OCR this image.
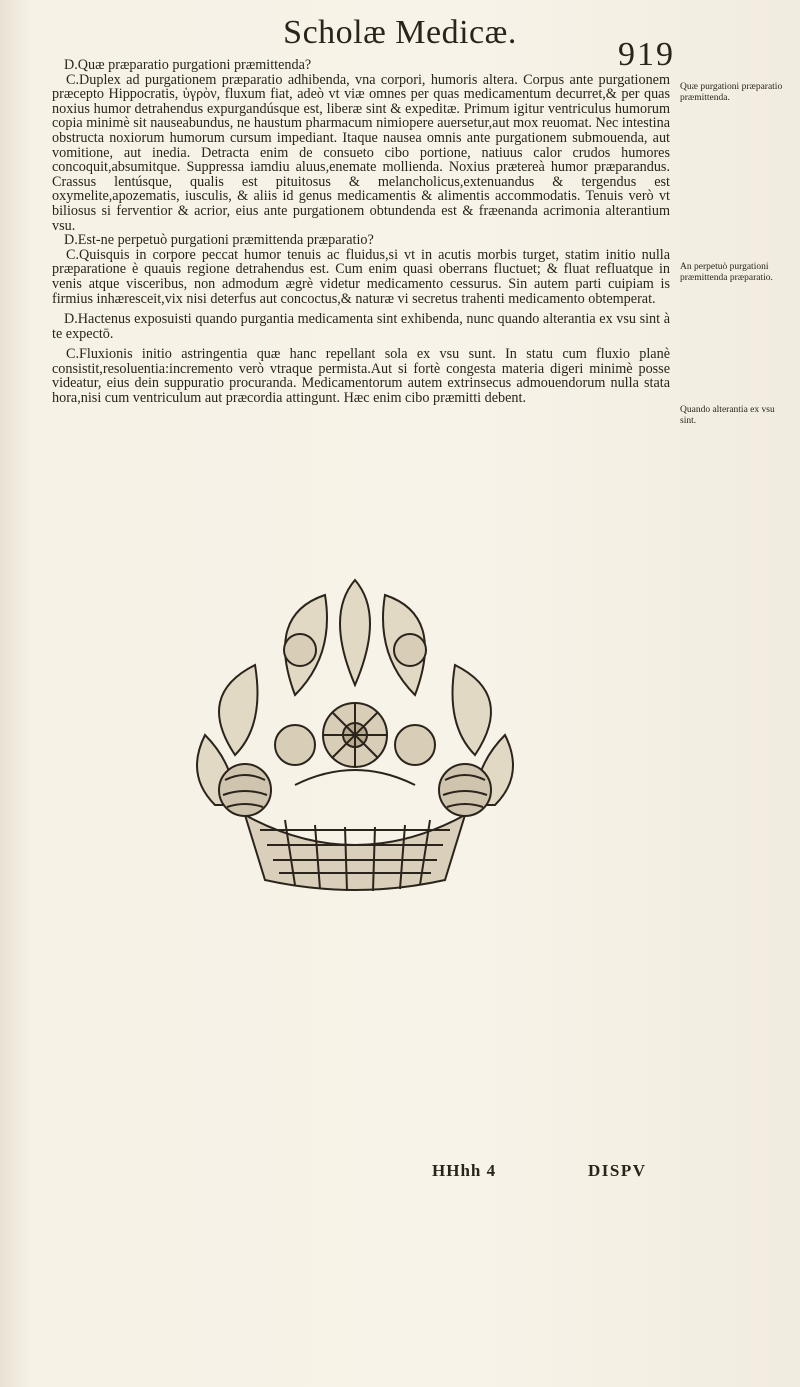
Scholæ Medicæ.
919

D.Quæ præparatio purgationi præmittenda?

C.Duplex ad purgationem præparatio adhibenda, vna corpori, humoris altera. Corpus ante purgationem præcepto Hippocratis, ὑγρὸν, fluxum fiat, adeò vt viæ omnes per quas medicamentum decurret,& per quas noxius humor detrahendus expurgandúsque est, liberæ sint & expeditæ. Primum igitur ventriculus humorum copia minimè sit nauseabundus, ne haustum pharmacum nimiopere auersetur,aut mox reuomat. Nec intestina obstructa noxiorum humorum cursum impediant. Itaque nausea omnis ante purgationem submouenda, aut vomitione, aut inedia. Detracta enim de consueto cibo portione, natiuus calor crudos humores concoquit,absumitque. Suppressa iamdiu aluus,enemate mollienda. Noxius prætereà humor præparandus. Crassus lentúsque, qualis est pituitosus & melancholicus,extenuandus & tergendus est oxymelite,apozematis, iusculis, & aliis id genus medicamentis & alimentis accommodatis. Tenuis verò vt biliosus si ferventior & acrior, eius ante purgationem obtundenda est & fræenanda acrimonia alterantium vsu.

D.Est-ne perpetuò purgationi præmittenda præparatio?

C.Quisquis in corpore peccat humor tenuis ac fluidus,si vt in acutis morbis turget, statim initio nulla præparatione è quauis regione detrahendus est. Cum enim quasi oberrans fluctuet; & fluat refluatque in venis atque visceribus, non admodum ægrè videtur medicamento cessurus. Sin autem parti cuipiam is firmius inhæresceit,vix nisi deterfus aut concoctus,& naturæ vi secretus trahenti medicamento obtemperat.

D.Hactenus exposuisti quando purgantia medicamenta sint exhibenda, nunc quando alterantia ex vsu sint à te expectō.

C.Fluxionis initio astringentia quæ hanc repellant sola ex vsu sunt. In statu cum fluxio planè consistit,resoluentia:incremento verò vtraque permista.Aut si fortè congesta materia digeri minimè posse videatur, eius dein suppuratio procuranda. Medicamentorum autem extrinsecus admouendorum nulla stata hora,nisi cum ventriculum aut præcordia attingunt. Hæc enim cibo præmitti debent.

Quæ purgationi præparatio præmittenda.
An perpetuò purgationi præmittenda præparatio.
Quando alterantia ex vsu sint.
HHhh 4	DISPV
